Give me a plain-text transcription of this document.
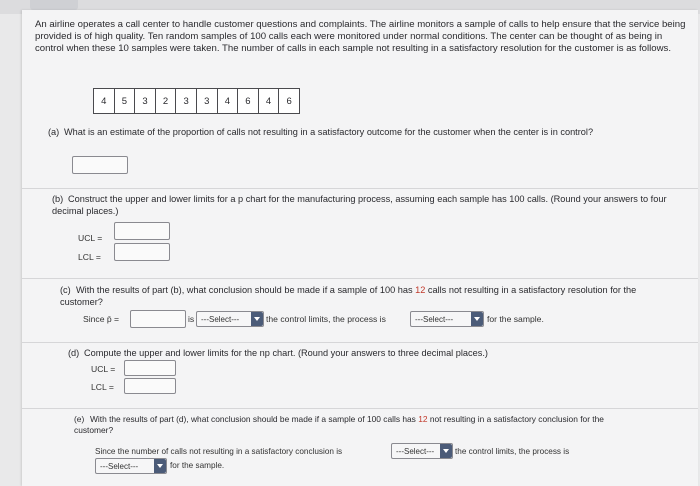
An airline operates a call center to handle customer questions and complaints. The airline monitors a sample of calls to help ensure that the service being provided is of high quality. Ten random samples of 100 calls each were monitored under normal conditions. The center can be thought of as being in control when these 10 samples were taken. The number of calls in each sample not resulting in a satisfactory resolution for the customer is as follows.
4	5	3	2	3	3	4	6	4	6
(a) What is an estimate of the proportion of calls not resulting in a satisfactory outcome for the customer when the center is in control?
(b) Construct the upper and lower limits for a p chart for the manufacturing process, assuming each sample has 100 calls. (Round your answers to four decimal places.)
UCL =
LCL =
(c) With the results of part (b), what conclusion should be made if a sample of 100 has 12 calls not resulting in a satisfactory resolution for the customer?
Since p̄ =	is ---Select---	the control limits, the process is	---Select---	for the sample.
(d) Compute the upper and lower limits for the np chart. (Round your answers to three decimal places.)
UCL =
LCL =
(e) With the results of part (d), what conclusion should be made if a sample of 100 calls has 12 not resulting in a satisfactory conclusion for the customer?
Since the number of calls not resulting in a satisfactory conclusion is	---Select---	the control limits, the process is
---Select---	for the sample.
